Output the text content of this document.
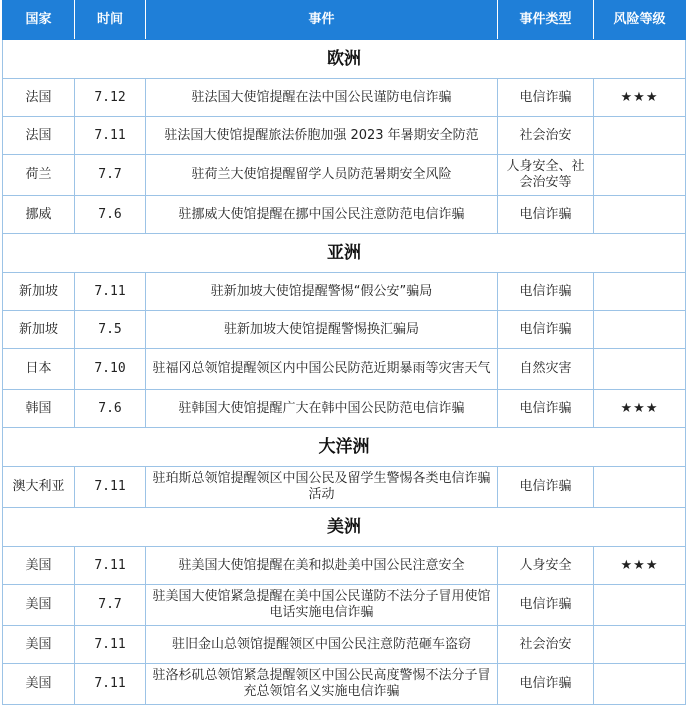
国家	时间	事件	事件类型	风险等级
欧洲				
法国	7.12	驻法国大使馆提醒在法中国公民谨防电信诈骗	电信诈骗	★★★
法国	7.11	驻法国大使馆提醒旅法侨胞加强 2023 年暑期安全防范	社会治安	
荷兰	7.7	驻荷兰大使馆提醒留学人员防范暑期安全风险	人身安全、社会治安等	
挪威	7.6	驻挪威大使馆提醒在挪中国公民注意防范电信诈骗	电信诈骗	
亚洲				
新加坡	7.11	驻新加坡大使馆提醒警惕“假公安”骗局	电信诈骗	
新加坡	7.5	驻新加坡大使馆提醒警惕换汇骗局	电信诈骗	
日本	7.10	驻福冈总领馆提醒领区内中国公民防范近期暴雨等灾害天气	自然灾害	
韩国	7.6	驻韩国大使馆提醒广大在韩中国公民防范电信诈骗	电信诈骗	★★★
大洋洲				
澳大利亚	7.11	驻珀斯总领馆提醒领区中国公民及留学生警惕各类电信诈骗活动	电信诈骗	
美洲				
美国	7.11	驻美国大使馆提醒在美和拟赴美中国公民注意安全	人身安全	★★★
美国	7.7	驻美国大使馆紧急提醒在美中国公民谨防不法分子冒用使馆电话实施电信诈骗	电信诈骗	
美国	7.11	驻旧金山总领馆提醒领区中国公民注意防范砸车盗窃	社会治安	
美国	7.11	驻洛杉矶总领馆紧急提醒领区中国公民高度警惕不法分子冒充总领馆名义实施电信诈骗	电信诈骗	
